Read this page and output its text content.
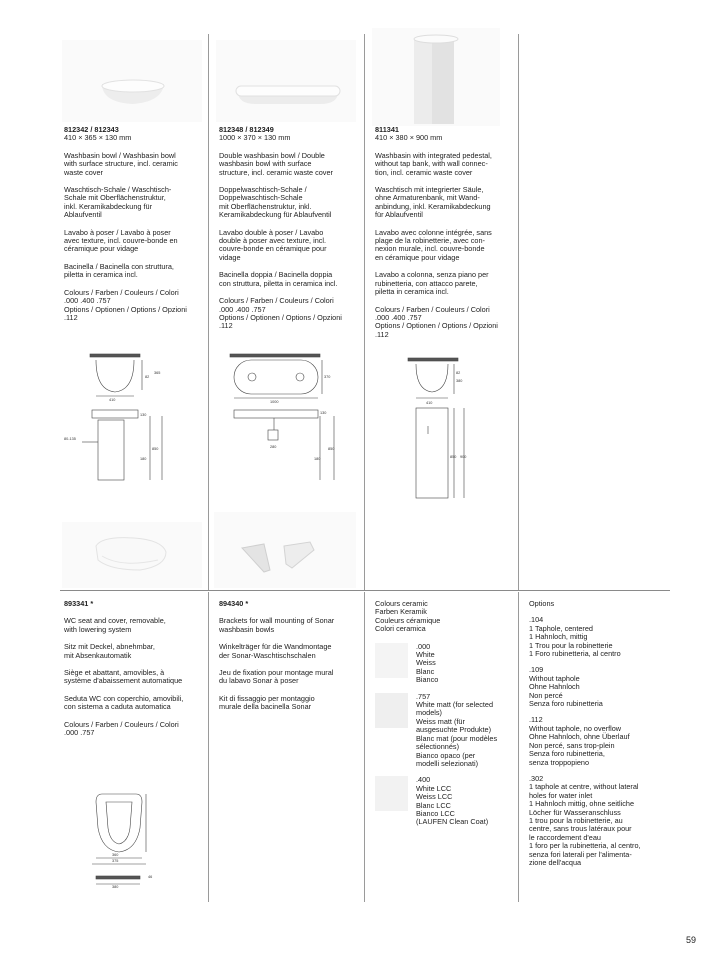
365
82
410
130
80-135
180
850
1000
370
130
280
180
850
410
380
82
850 900
360
375
380
46

812342 / 812343

410 × 365 × 130 mm

Washbasin bowl / Washbasin bowl
with surface structure, incl. ceramic
waste cover

Waschtisch-Schale / Waschtisch-
Schale mit Oberflächenstruktur,
inkl. Keramikabdeckung für
Ablaufventil

Lavabo à poser / Lavabo à poser
avec texture, incl. couvre-bonde en
céramique pour vidage

Bacinella / Bacinella con struttura,
piletta in ceramica incl.

Colours / Farben / Couleurs / Colori
.000 .400 .757
Options / Optionen / Options / Opzioni
.112

812348 / 812349

1000 × 370 × 130 mm

Double washbasin bowl / Double
washbasin bowl with surface
structure, incl. ceramic waste cover

Doppelwaschtisch-Schale /
Doppelwaschtisch-Schale
mit Oberflächenstruktur, inkl.
Keramikabdeckung für Ablaufventil

Lavabo double à poser / Lavabo
double à poser avec texture, incl.
couvre-bonde en céramique pour
vidage

Bacinella doppia / Bacinella doppia
con struttura, piletta in ceramica incl.

Colours / Farben / Couleurs / Colori
.000 .400 .757
Options / Optionen / Options / Opzioni
.112

811341

410 × 380 × 900 mm

Washbasin with integrated pedestal,
without tap bank, with wall connec-
tion, incl. ceramic waste cover

Waschtisch mit integrierter Säule,
ohne Armaturenbank, mit Wand-
anbindung, inkl. Keramikabdeckung
für Ablaufventil

Lavabo avec colonne intégrée, sans
plage de la robinetterie, avec con-
nexion murale, incl. couvre-bonde
en céramique pour vidage

Lavabo a colonna, senza piano per
rubinetteria, con attacco parete,
piletta in ceramica incl.

Colours / Farben / Couleurs / Colori
.000 .400 .757
Options / Optionen / Options / Opzioni
.112

893341 *

WC seat and cover, removable,
with lowering system

Sitz mit Deckel, abnehmbar,
mit Absenkautomatik

Siège et abattant, amovibles, à
système d'abaissement automatique

Seduta WC con coperchio, amovibili,
con sistema a caduta automatica

Colours / Farben / Couleurs / Colori
.000 .757

894340 *

Brackets for wall mounting of Sonar
washbasin bowls

Winkelträger für die Wandmontage
der Sonar-Waschtischschalen

Jeu de fixation pour montage mural
du labavo Sonar à poser

Kit di fissaggio per montaggio
murale della bacinella Sonar

Colours ceramic
Farben Keramik
Couleurs céramique
Colori ceramica

.000
White
Weiss
Blanc
Bianco
.757
White matt (for selected
models)
Weiss matt (für
ausgesuchte Produkte)
Blanc mat (pour modèles
sélectionnés)
Bianco opaco (per
modelli selezionati)
.400
White LCC
Weiss LCC
Blanc LCC
Bianco LCC
(LAUFEN Clean Coat)

Options

.104
1 Taphole, centered
1 Hahnloch, mittig
1 Trou pour la robinetterie
1 Foro rubinetteria, al centro

.109
Without taphole
Ohne Hahnloch
Non percé
Senza foro rubinetteria

.112
Without taphole, no overflow
Ohne Hahnloch, ohne Überlauf
Non percé, sans trop-plein
Senza foro rubinetteria,
senza troppopieno

.302
1 taphole at centre, without lateral
holes for water inlet
1 Hahnloch mittig, ohne seitliche
Löcher für Wasseranschluss
1 trou pour la robinetterie, au
centre, sans trous latéraux pour
le raccordement d'eau
1 foro per la rubinetteria, al centro,
senza fori laterali per l'alimenta-
zione dell'acqua

59
